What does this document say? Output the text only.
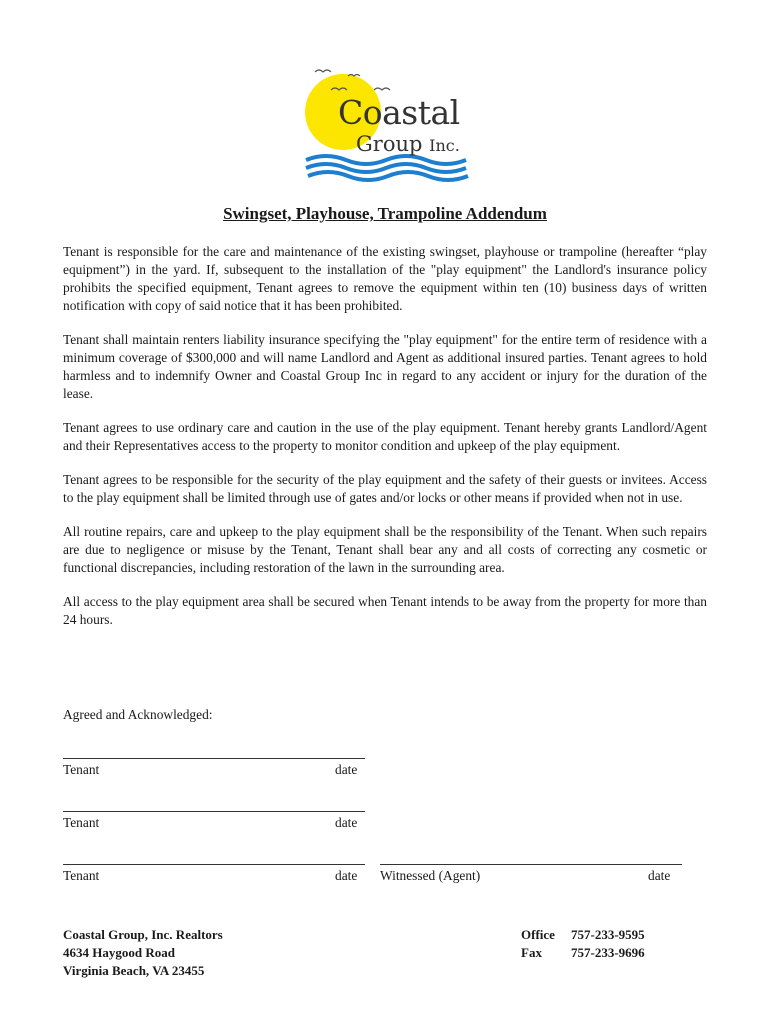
Coastal
Group Inc.
Swingset, Playhouse, Trampoline Addendum

Tenant is responsible for the care and maintenance of the existing swingset, playhouse or trampoline (hereafter “play equipment”) in the yard. If, subsequent to the installation of the "play equipment" the Landlord's insurance policy prohibits the specified equipment, Tenant agrees to remove the equipment within ten (10) business days of written notification with copy of said notice that it has been prohibited.

Tenant shall maintain renters liability insurance specifying the "play equipment" for the entire term of residence with a minimum coverage of $300,000 and will name Landlord and Agent as additional insured parties. Tenant agrees to hold harmless and to indemnify Owner and Coastal Group Inc in regard to any accident or injury for the duration of the lease.

Tenant agrees to use ordinary care and caution in the use of the play equipment. Tenant hereby grants Landlord/Agent and their Representatives access to the property to monitor condition and upkeep of the play equipment.

Tenant agrees to be responsible for the security of the play equipment and the safety of their guests or invitees. Access to the play equipment shall be limited through use of gates and/or locks or other means if provided when not in use.

All routine repairs, care and upkeep to the play equipment shall be the responsibility of the Tenant. When such repairs are due to negligence or misuse by the Tenant, Tenant shall bear any and all costs of correcting any cosmetic or functional discrepancies, including restoration of the lawn in the surrounding area.

All access to the play equipment area shall be secured when Tenant intends to be away from the property for more than 24 hours.

Agreed and Acknowledged:
Tenant	date
Tenant	date
Tenant	date Witnessed (Agent)	date
Coastal Group, Inc. Realtors
4634 Haygood Road
Virginia Beach, VA 23455
Office	757-233-9595
Fax	757-233-9696
